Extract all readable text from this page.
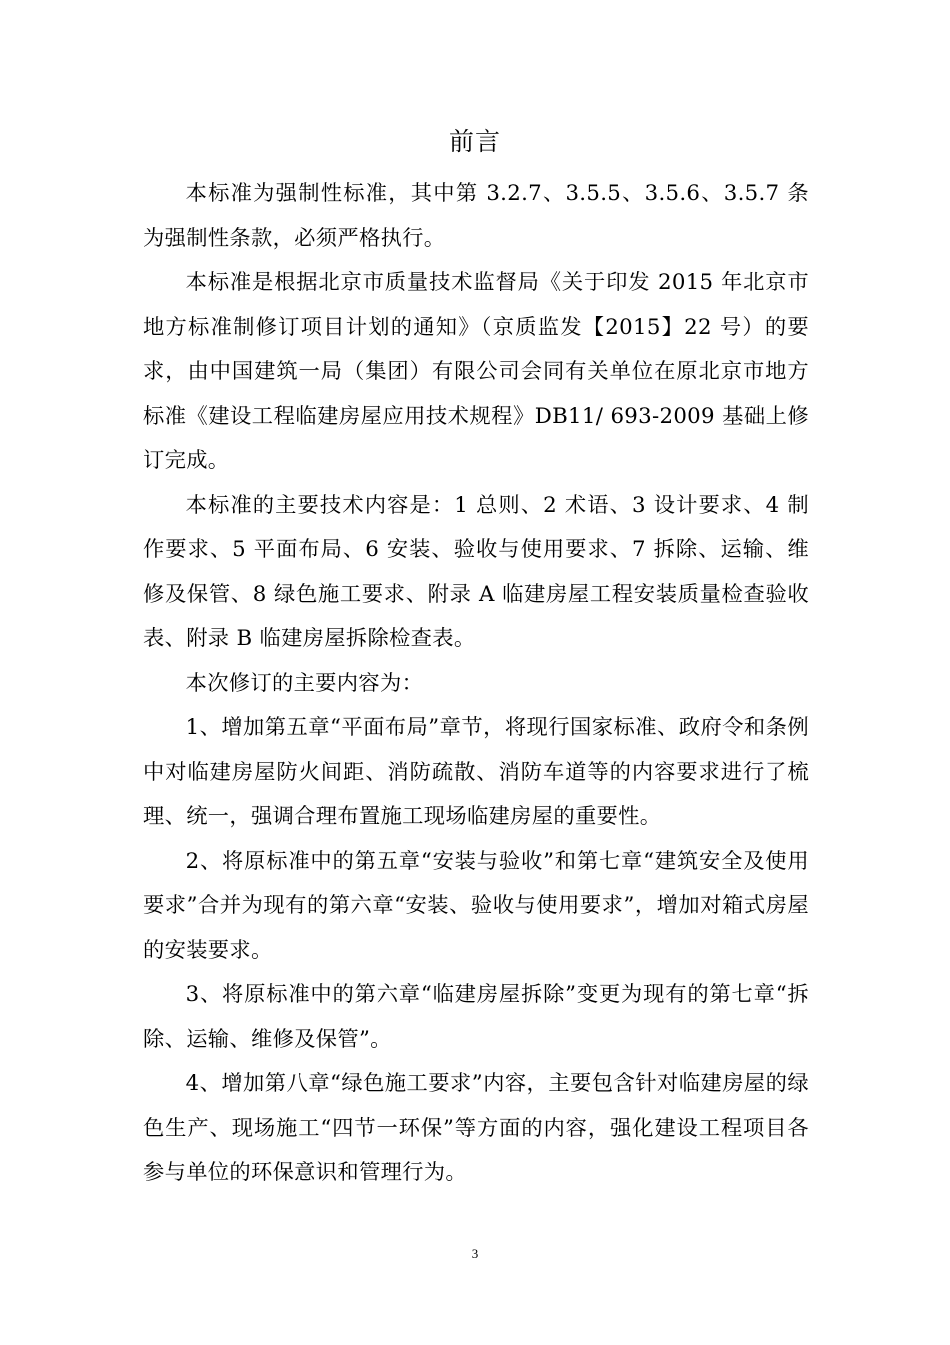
前言

本标准为强制性标准，其中第 3.2.7、3.5.5、3.5.6、3.5.7 条为强制性条款，必须严格执行。

本标准是根据北京市质量技术监督局《关于印发 2015 年北京市地方标准制修订项目计划的通知》（京质监发【2015】22 号）的要求，由中国建筑一局（集团）有限公司会同有关单位在原北京市地方标准《建设工程临建房屋应用技术规程》DB11/ 693-2009 基础上修订完成。

本标准的主要技术内容是：1 总则、2 术语、3 设计要求、4 制作要求、5 平面布局、6 安装、验收与使用要求、7 拆除、运输、维修及保管、8 绿色施工要求、附录 A 临建房屋工程安装质量检查验收表、附录 B 临建房屋拆除检查表。

本次修订的主要内容为：

1、增加第五章“平面布局”章节，将现行国家标准、政府令和条例中对临建房屋防火间距、消防疏散、消防车道等的内容要求进行了梳理、统一，强调合理布置施工现场临建房屋的重要性。

2、将原标准中的第五章“安装与验收”和第七章“建筑安全及使用要求”合并为现有的第六章“安装、验收与使用要求”，增加对箱式房屋的安装要求。

3、将原标准中的第六章“临建房屋拆除”变更为现有的第七章“拆除、运输、维修及保管”。

4、增加第八章“绿色施工要求”内容，主要包含针对临建房屋的绿色生产、现场施工“四节一环保”等方面的内容，强化建设工程项目各参与单位的环保意识和管理行为。

3
